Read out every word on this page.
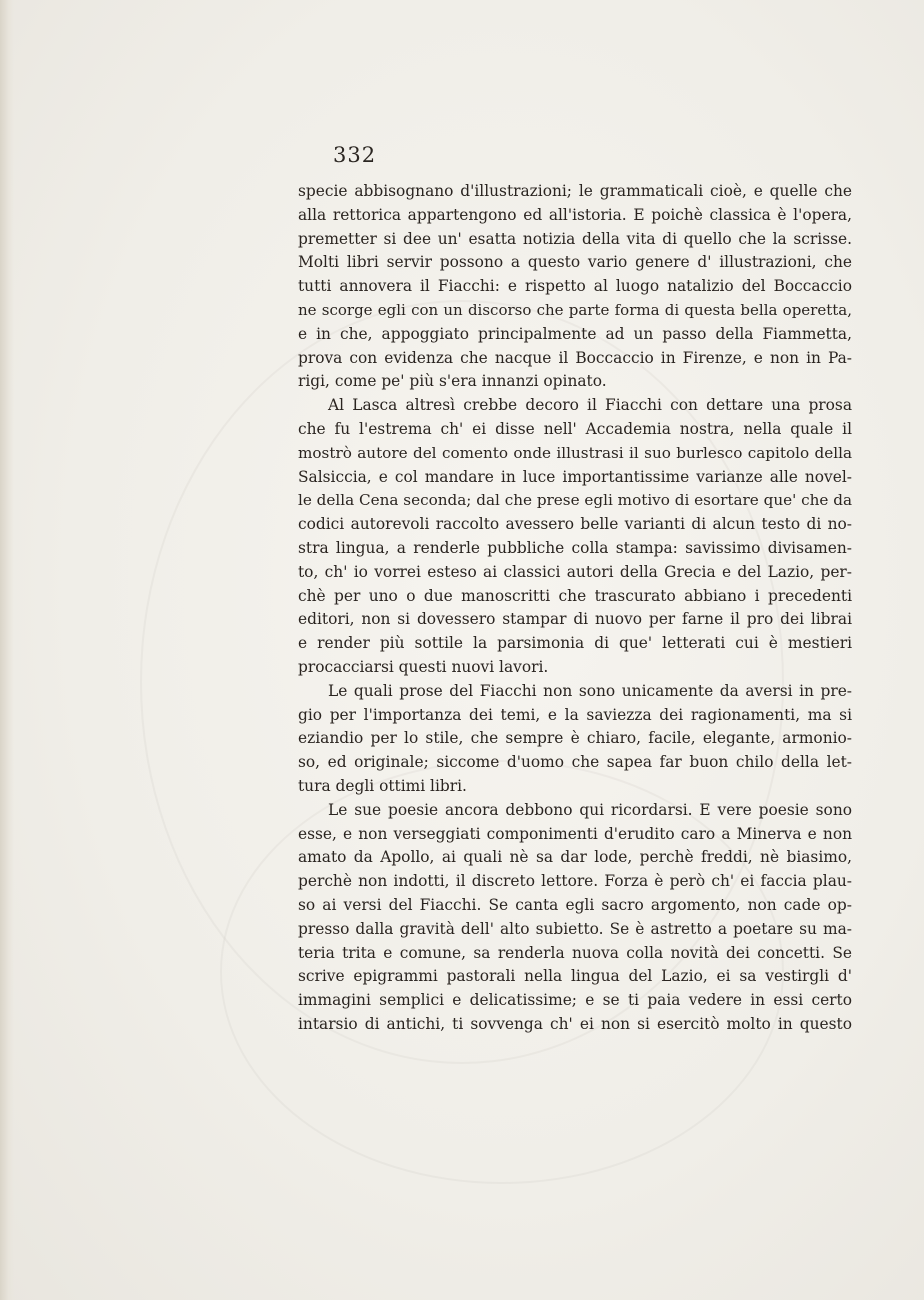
332
specie abbisognano d'illustrazioni; le grammaticali cioè, e quelle che
alla rettorica appartengono ed all'istoria. E poichè classica è l'opera,
premetter si dee un' esatta notizia della vita di quello che la scrisse.
Molti libri servir possono a questo vario genere d' illustrazioni, che
tutti annovera il Fiacchi: e rispetto al luogo natalizio del Boccaccio
ne scorge egli con un discorso che parte forma di questa bella operetta,
e in che, appoggiato principalmente ad un passo della Fiammetta,
prova con evidenza che nacque il Boccaccio in Firenze, e non in Pa-
rigi, come pe' più s'era innanzi opinato.
Al Lasca altresì crebbe decoro il Fiacchi con dettare una prosa
che fu l'estrema ch' ei disse nell' Accademia nostra, nella quale il
mostrò autore del comento onde illustrasi il suo burlesco capitolo della
Salsiccia, e col mandare in luce importantissime varianze alle novel-
le della Cena seconda; dal che prese egli motivo di esortare que' che da
codici autorevoli raccolto avessero belle varianti di alcun testo di no-
stra lingua, a renderle pubbliche colla stampa: savissimo divisamen-
to, ch' io vorrei esteso ai classici autori della Grecia e del Lazio, per-
chè per uno o due manoscritti che trascurato abbiano i precedenti
editori, non si dovessero stampar di nuovo per farne il pro dei librai
e render più sottile la parsimonia di que' letterati cui è mestieri
procacciarsi questi nuovi lavori.
Le quali prose del Fiacchi non sono unicamente da aversi in pre-
gio per l'importanza dei temi, e la saviezza dei ragionamenti, ma si
eziandio per lo stile, che sempre è chiaro, facile, elegante, armonio-
so, ed originale; siccome d'uomo che sapea far buon chilo della let-
tura degli ottimi libri.
Le sue poesie ancora debbono qui ricordarsi. E vere poesie sono
esse, e non verseggiati componimenti d'erudito caro a Minerva e non
amato da Apollo, ai quali nè sa dar lode, perchè freddi, nè biasimo,
perchè non indotti, il discreto lettore. Forza è però ch' ei faccia plau-
so ai versi del Fiacchi. Se canta egli sacro argomento, non cade op-
presso dalla gravità dell' alto subietto. Se è astretto a poetare su ma-
teria trita e comune, sa renderla nuova colla novità dei concetti. Se
scrive epigrammi pastorali nella lingua del Lazio, ei sa vestirgli d'
immagini semplici e delicatissime; e se ti paia vedere in essi certo
intarsio di antichi, ti sovvenga ch' ei non si esercitò molto in questo
